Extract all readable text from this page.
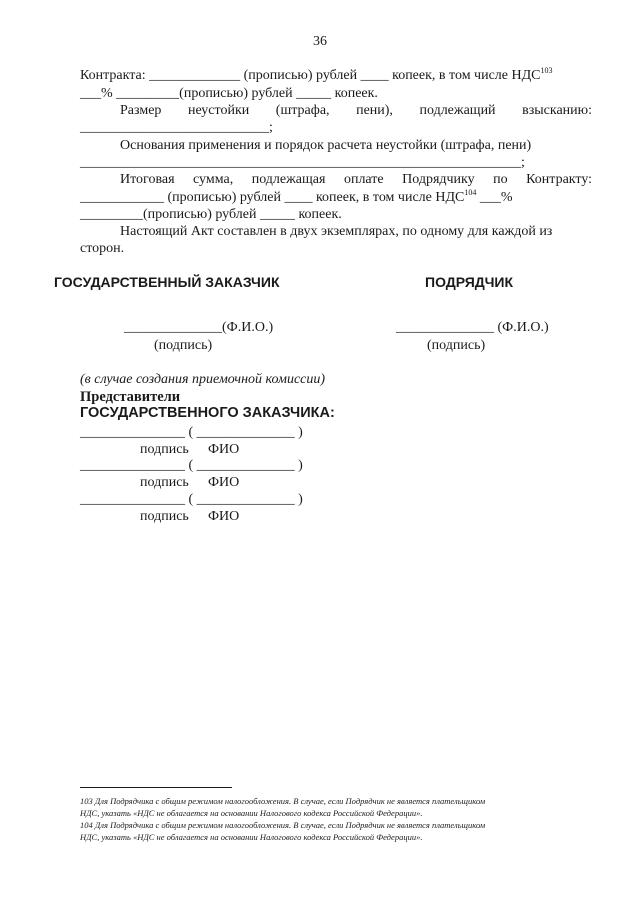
36
Контракта: _____________ (прописью) рублей ____ копеек, в том числе НДС$^{103}$
___% _________(прописью) рублей _____ копеек.
Размер неустойки (штрафа, пени), подлежащий взысканию:
___________________________;
Основания применения и порядок расчета неустойки (штрафа, пени)
_______________________________________________________________;
Итоговая сумма, подлежащая оплате Подрядчику по Контракту:
____________ (прописью) рублей ____ копеек, в том числе НДС$^{104}$ ___%
_________(прописью) рублей _____ копеек.
Настоящий Акт составлен в двух экземплярах, по одному для каждой из
сторон.
ГОСУДАРСТВЕННЫЙ ЗАКАЗЧИК	ПОДРЯДЧИК
______________(Ф.И.О.)
(подпись)
______________ (Ф.И.О.)
(подпись)
(в случае создания приемочной комиссии)
Представители
ГОСУДАРСТВЕННОГО ЗАКАЗЧИКА:
_______________ ( ______________ )
подпись ФИО
_______________ ( ______________ )
подпись ФИО
_______________ ( ______________ )
подпись ФИО
103 Для Подрядчика с общим режимом налогообложения. В случае, если Подрядчик не является плательщиком
НДС, указать «НДС не облагается на основании Налогового кодекса Российской Федерации».
104 Для Подрядчика с общим режимом налогообложения. В случае, если Подрядчик не является плательщиком
НДС, указать «НДС не облагается на основании Налогового кодекса Российской Федерации».
